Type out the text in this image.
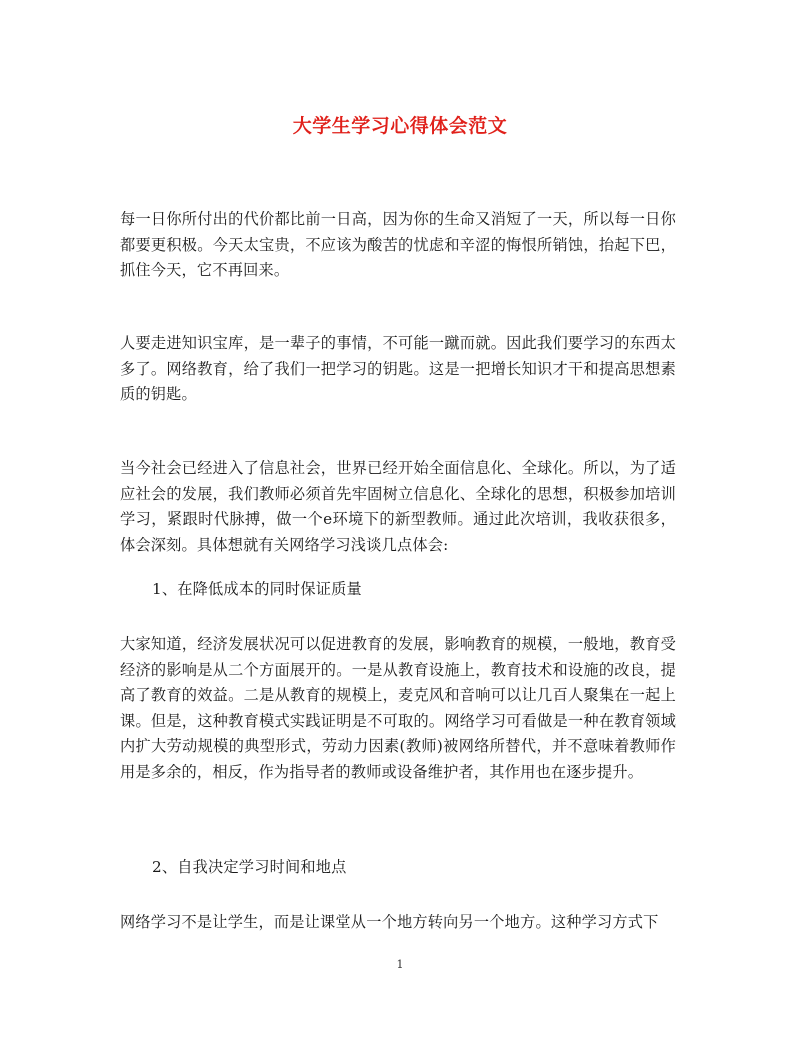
大学生学习心得体会范文
每一日你所付出的代价都比前一日高，因为你的生命又消短了一天，所以每一日你都要更积极。今天太宝贵，不应该为酸苦的忧虑和辛涩的悔恨所销蚀，抬起下巴，抓住今天，它不再回来。
人要走进知识宝库，是一辈子的事情，不可能一蹴而就。因此我们要学习的东西太多了。网络教育，给了我们一把学习的钥匙。这是一把增长知识才干和提高思想素质的钥匙。
当今社会已经进入了信息社会，世界已经开始全面信息化、全球化。所以，为了适应社会的发展，我们教师必须首先牢固树立信息化、全球化的思想，积极参加培训学习，紧跟时代脉搏，做一个e环境下的新型教师。通过此次培训，我收获很多，体会深刻。具体想就有关网络学习浅谈几点体会:
1、在降低成本的同时保证质量
大家知道，经济发展状况可以促进教育的发展，影响教育的规模，一般地，教育受经济的影响是从二个方面展开的。一是从教育设施上，教育技术和设施的改良，提高了教育的效益。二是从教育的规模上，麦克风和音响可以让几百人聚集在一起上课。但是，这种教育模式实践证明是不可取的。网络学习可看做是一种在教育领域内扩大劳动规模的典型形式，劳动力因素(教师)被网络所替代，并不意味着教师作用是多余的，相反，作为指导者的教师或设备维护者，其作用也在逐步提升。
2、自我决定学习时间和地点
网络学习不是让学生，而是让课堂从一个地方转向另一个地方。这种学习方式下
1
